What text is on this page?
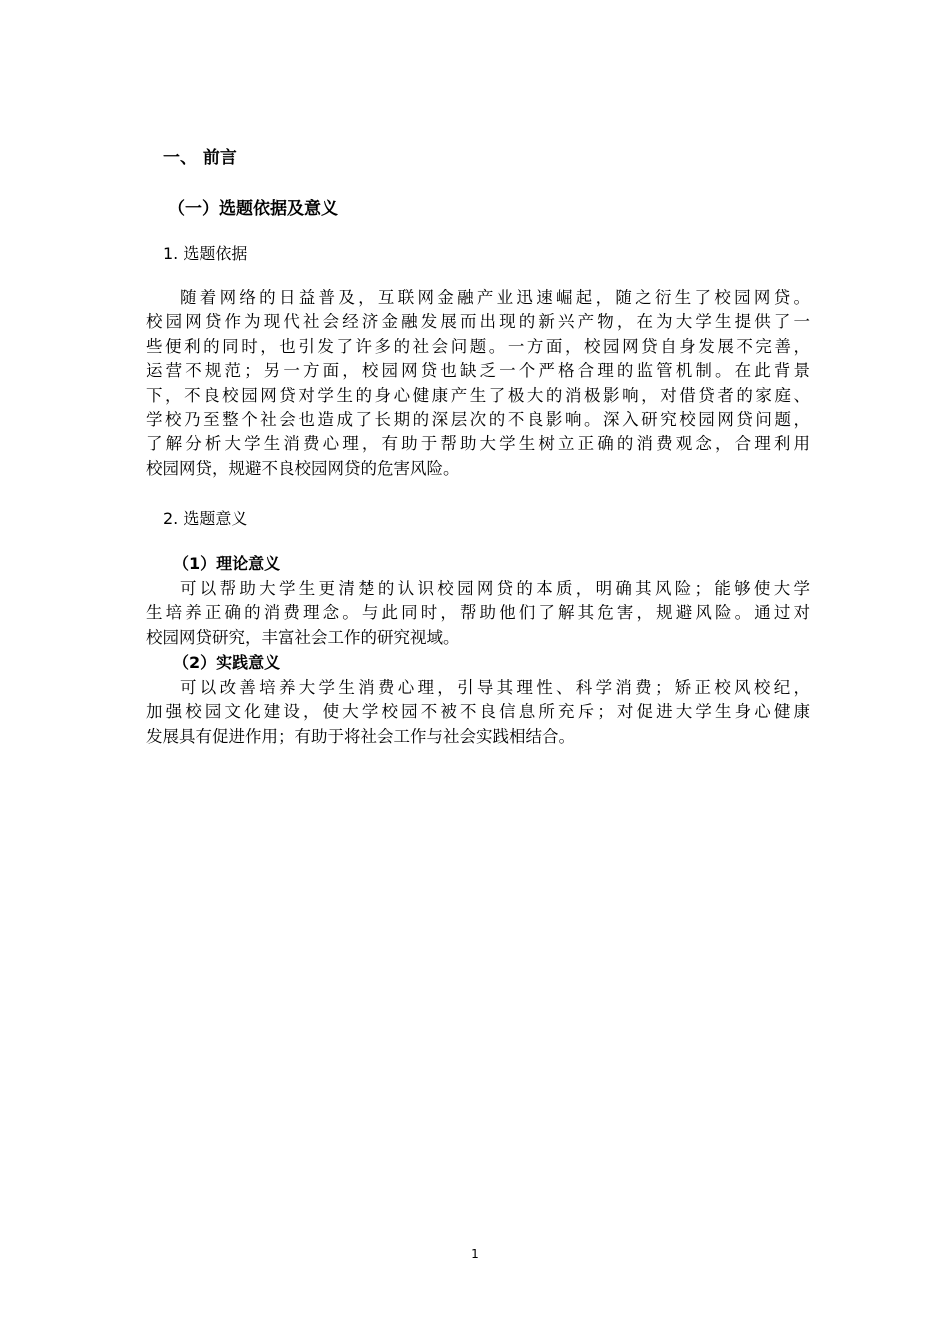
一、 前言
（一）选题依据及意义
1. 选题依据
随着网络的日益普及，互联网金融产业迅速崛起，随之衍生了校园网贷。
校园网贷作为现代社会经济金融发展而出现的新兴产物，在为大学生提供了一
些便利的同时，也引发了许多的社会问题。一方面，校园网贷自身发展不完善，
运营不规范；另一方面，校园网贷也缺乏一个严格合理的监管机制。在此背景
下，不良校园网贷对学生的身心健康产生了极大的消极影响，对借贷者的家庭、
学校乃至整个社会也造成了长期的深层次的不良影响。深入研究校园网贷问题，
了解分析大学生消费心理，有助于帮助大学生树立正确的消费观念，合理利用
校园网贷，规避不良校园网贷的危害风险。
2. 选题意义
（1）理论意义
可以帮助大学生更清楚的认识校园网贷的本质，明确其风险；能够使大学
生培养正确的消费理念。与此同时，帮助他们了解其危害，规避风险。通过对
校园网贷研究，丰富社会工作的研究视域。
（2）实践意义
可以改善培养大学生消费心理，引导其理性、科学消费；矫正校风校纪，
加强校园文化建设，使大学校园不被不良信息所充斥；对促进大学生身心健康
发展具有促进作用；有助于将社会工作与社会实践相结合。
1
